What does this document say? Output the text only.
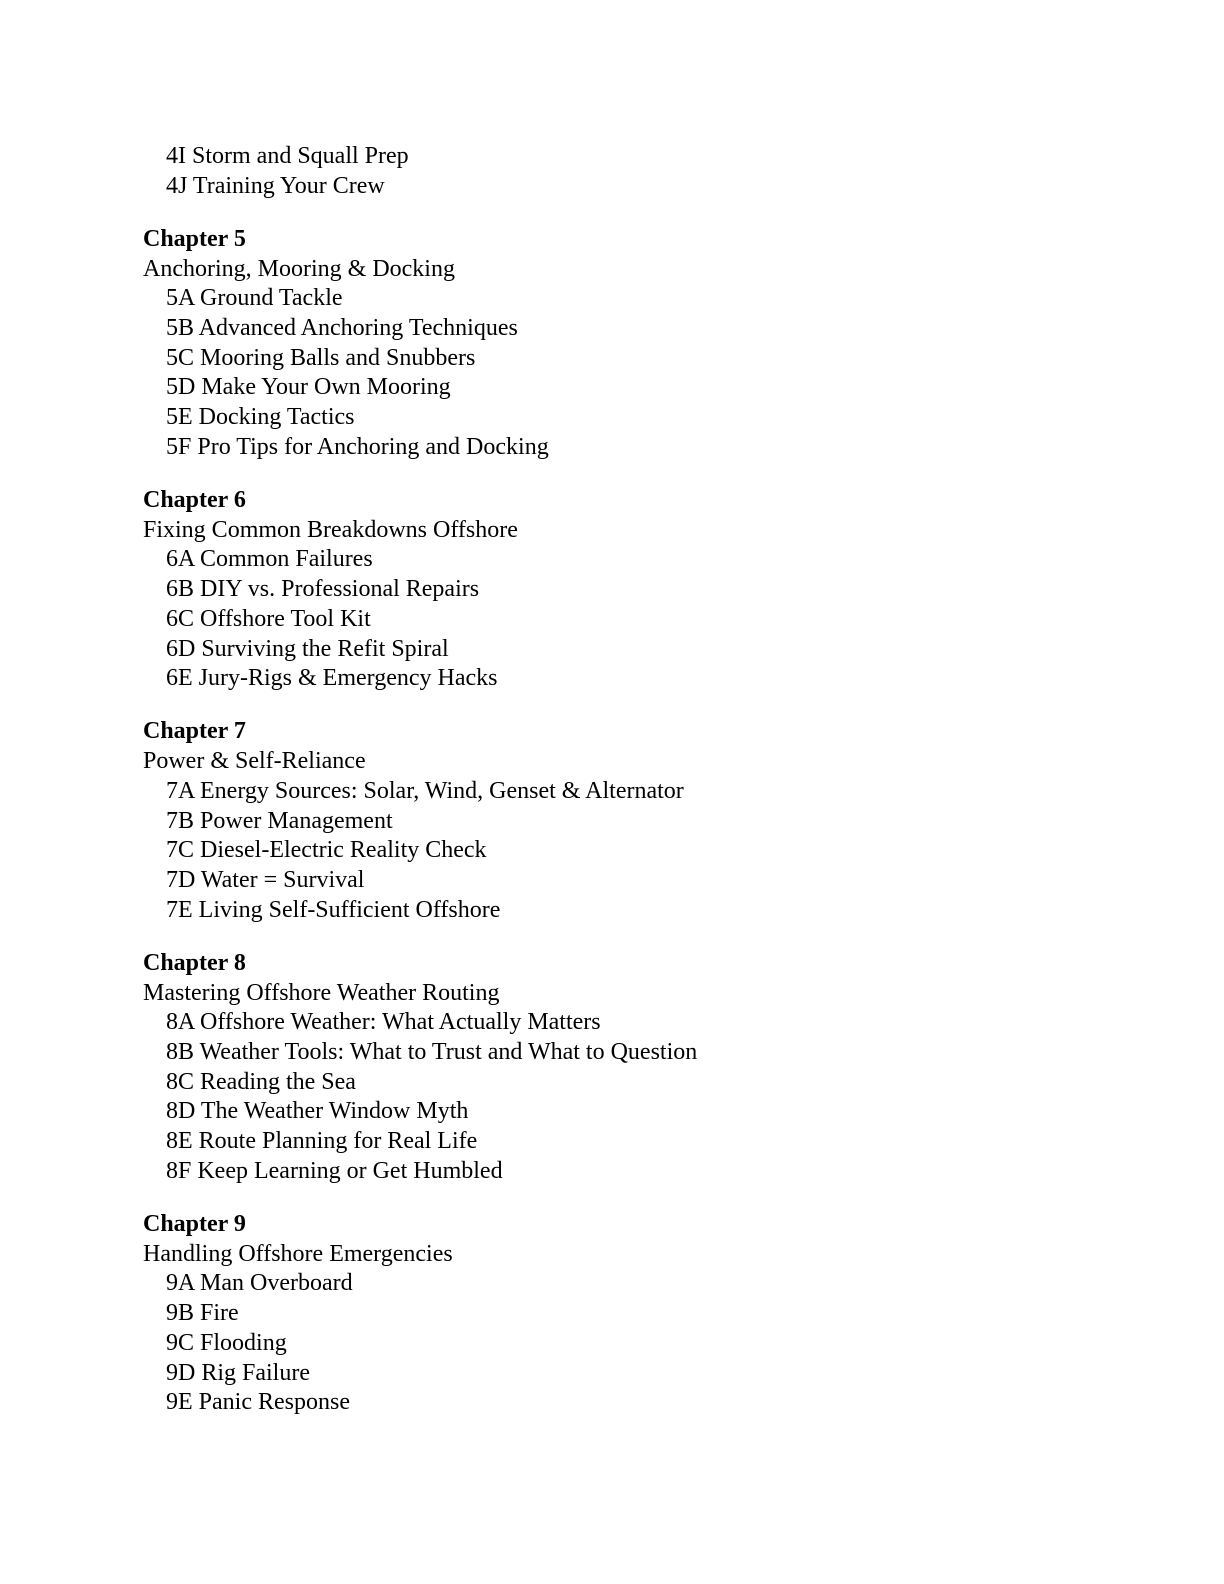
4I Storm and Squall Prep
4J Training Your Crew

Chapter 5

Anchoring, Mooring & Docking

5A Ground Tackle
5B Advanced Anchoring Techniques
5C Mooring Balls and Snubbers
5D Make Your Own Mooring
5E Docking Tactics
5F Pro Tips for Anchoring and Docking

Chapter 6

Fixing Common Breakdowns Offshore

6A Common Failures
6B DIY vs. Professional Repairs
6C Offshore Tool Kit
6D Surviving the Refit Spiral
6E Jury-Rigs & Emergency Hacks

Chapter 7

Power & Self-Reliance

7A Energy Sources: Solar, Wind, Genset & Alternator
7B Power Management
7C Diesel-Electric Reality Check
7D Water = Survival
7E Living Self-Sufficient Offshore

Chapter 8

Mastering Offshore Weather Routing

8A Offshore Weather: What Actually Matters
8B Weather Tools: What to Trust and What to Question
8C Reading the Sea
8D The Weather Window Myth
8E Route Planning for Real Life
8F Keep Learning or Get Humbled

Chapter 9

Handling Offshore Emergencies

9A Man Overboard
9B Fire
9C Flooding
9D Rig Failure
9E Panic Response
